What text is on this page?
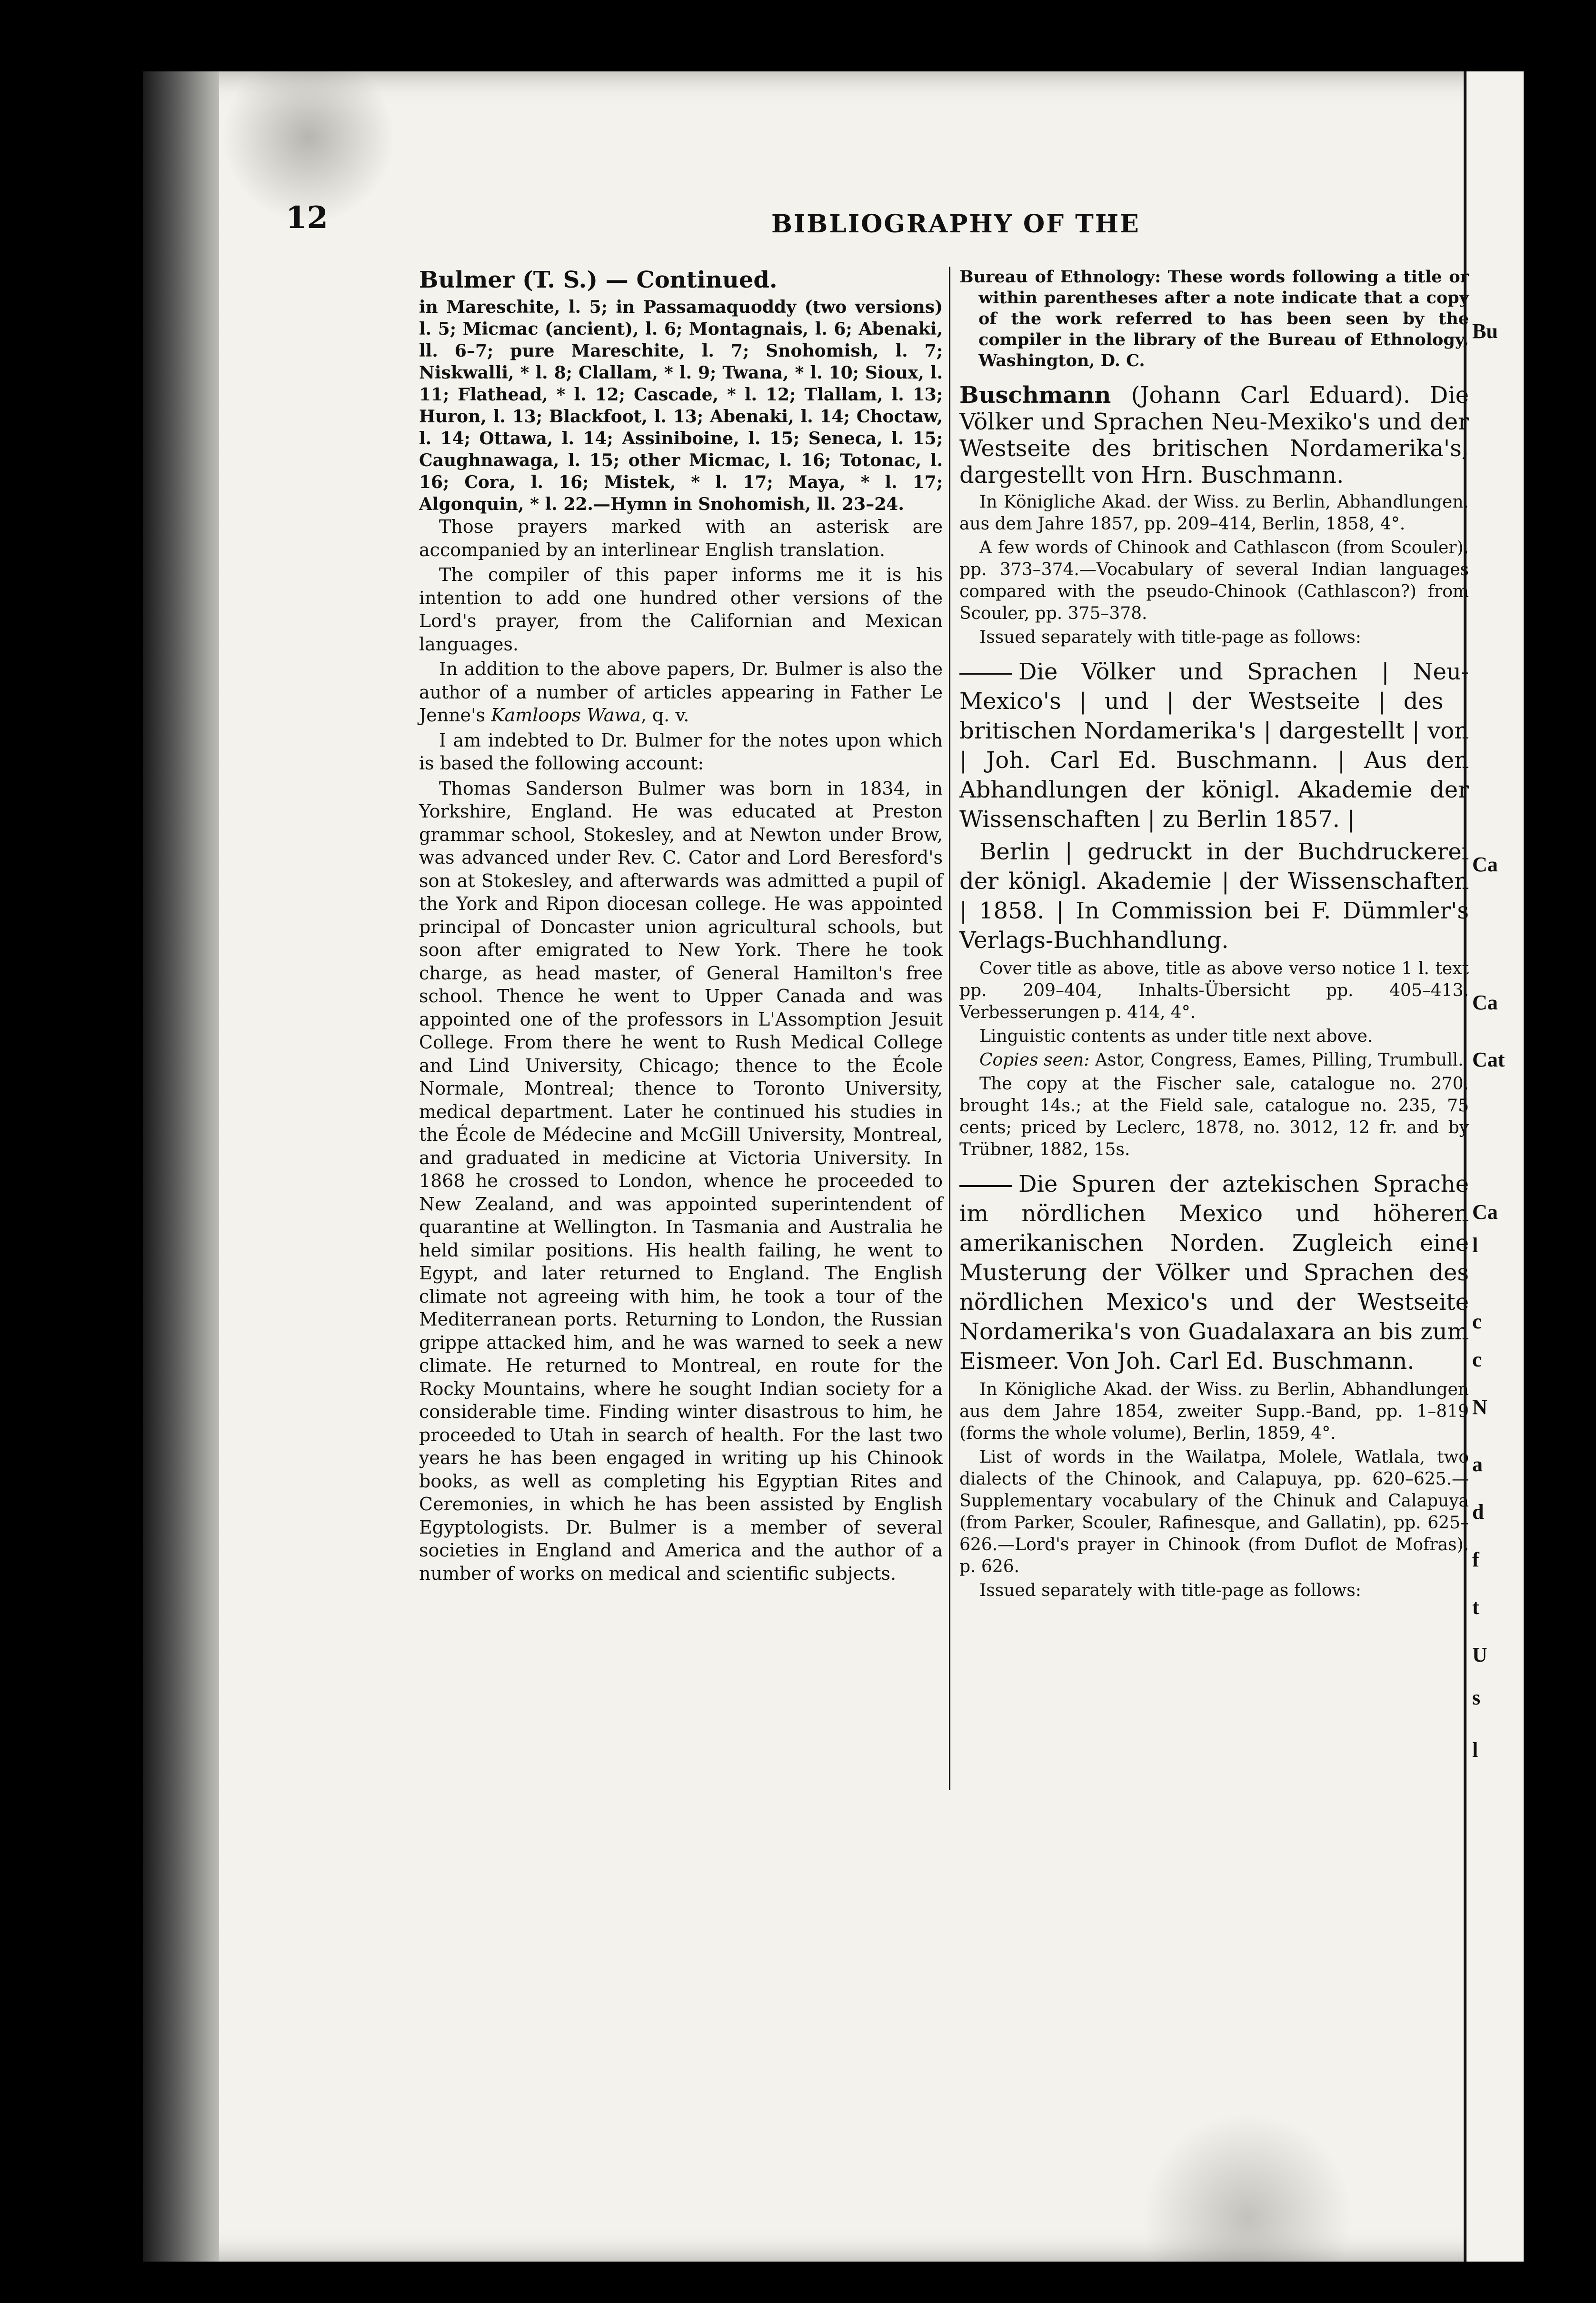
Bu
Ca
Ca
Cat
Ca
l
c
c
N
a
d
f
t
U
s
l
12	BIBLIOGRAPHY OF THE
Bulmer (T. S.) — Continued.

in Mareschite, l. 5; in Passamaquoddy (two versions) l. 5; Micmac (ancient), l. 6; Montagnais, l. 6; Abenaki, ll. 6–7; pure Mareschite, l. 7; Snohomish, l. 7; Niskwalli, * l. 8; Clallam, * l. 9; Twana, * l. 10; Sioux, l. 11; Flathead, * l. 12; Cascade, * l. 12; Tlallam, l. 13; Huron, l. 13; Blackfoot, l. 13; Abenaki, l. 14; Choctaw, l. 14; Ottawa, l. 14; Assiniboine, l. 15; Seneca, l. 15; Caughnawaga, l. 15; other Micmac, l. 16; Totonac, l. 16; Cora, l. 16; Mistek, * l. 17; Maya, * l. 17; Algonquin, * l. 22.—Hymn in Snohomish, ll. 23–24.

Those prayers marked with an asterisk are accompanied by an interlinear English translation.

The compiler of this paper informs me it is his intention to add one hundred other versions of the Lord's prayer, from the Californian and Mexican languages.

In addition to the above papers, Dr. Bulmer is also the author of a number of articles appearing in Father Le Jenne's Kamloops Wawa, q. v.

I am indebted to Dr. Bulmer for the notes upon which is based the following account:

Thomas Sanderson Bulmer was born in 1834, in Yorkshire, England. He was educated at Preston grammar school, Stokesley, and at Newton under Brow, was advanced under Rev. C. Cator and Lord Beresford's son at Stokesley, and afterwards was admitted a pupil of the York and Ripon diocesan college. He was appointed principal of Doncaster union agricultural schools, but soon after emigrated to New York. There he took charge, as head master, of General Hamilton's free school. Thence he went to Upper Canada and was appointed one of the professors in L'Assomption Jesuit College. From there he went to Rush Medical College and Lind University, Chicago; thence to the École Normale, Montreal; thence to Toronto University, medical department. Later he continued his studies in the École de Médecine and McGill University, Montreal, and graduated in medicine at Victoria University. In 1868 he crossed to London, whence he proceeded to New Zealand, and was appointed superintendent of quarantine at Wellington. In Tasmania and Australia he held similar positions. His health failing, he went to Egypt, and later returned to England. The English climate not agreeing with him, he took a tour of the Mediterranean ports. Returning to London, the Russian grippe attacked him, and he was warned to seek a new climate. He returned to Montreal, en route for the Rocky Mountains, where he sought Indian society for a considerable time. Finding winter disastrous to him, he proceeded to Utah in search of health. For the last two years he has been engaged in writing up his Chinook books, as well as completing his Egyptian Rites and Ceremonies, in which he has been assisted by English Egyptologists. Dr. Bulmer is a member of several societies in England and America and the author of a number of works on medical and scientific subjects.

Bureau of Ethnology: These words following a title or within parentheses after a note indicate that a copy of the work referred to has been seen by the compiler in the library of the Bureau of Ethnology, Washington, D. C.
Buschmann (Johann Carl Eduard). Die Völker und Sprachen Neu-Mexiko's und der Westseite des britischen Nordamerika's, dargestellt von Hrn. Buschmann.

In Königliche Akad. der Wiss. zu Berlin, Abhandlungen, aus dem Jahre 1857, pp. 209–414, Berlin, 1858, 4°.

A few words of Chinook and Cathlascon (from Scouler), pp. 373–374.—Vocabulary of several Indian languages compared with the pseudo-Chinook (Cathlascon?) from Scouler, pp. 375–378.

Issued separately with title-page as follows:

Die Völker und Sprachen | Neu-Mexico's | und | der Westseite | des | britischen Nordamerika's | dargestellt | von | Joh. Carl Ed. Buschmann. | Aus den Abhandlungen der königl. Akademie der Wissenschaften | zu Berlin 1857. |

Berlin | gedruckt in der Buchdruckerei der königl. Akademie | der Wissenschaften | 1858. | In Commission bei F. Dümmler's Verlags-Buchhandlung.

Cover title as above, title as above verso notice 1 l. text pp. 209–404, Inhalts-Übersicht pp. 405–413, Verbesserungen p. 414, 4°.

Linguistic contents as under title next above.

Copies seen: Astor, Congress, Eames, Pilling, Trumbull.

The copy at the Fischer sale, catalogue no. 270, brought 14s.; at the Field sale, catalogue no. 235, 75 cents; priced by Leclerc, 1878, no. 3012, 12 fr. and by Trübner, 1882, 15s.

Die Spuren der aztekischen Sprache im nördlichen Mexico und höheren amerikanischen Norden. Zugleich eine Musterung der Völker und Sprachen des nördlichen Mexico's und der Westseite Nordamerika's von Guadalaxara an bis zum Eismeer. Von Joh. Carl Ed. Buschmann.

In Königliche Akad. der Wiss. zu Berlin, Abhandlungen aus dem Jahre 1854, zweiter Supp.-Band, pp. 1–819 (forms the whole volume), Berlin, 1859, 4°.

List of words in the Wailatpa, Molele, Watlala, two dialects of the Chinook, and Calapuya, pp. 620–625.—Supplementary vocabulary of the Chinuk and Calapuya (from Parker, Scouler, Rafinesque, and Gallatin), pp. 625–626.—Lord's prayer in Chinook (from Duflot de Mofras), p. 626.

Issued separately with title-page as follows:
